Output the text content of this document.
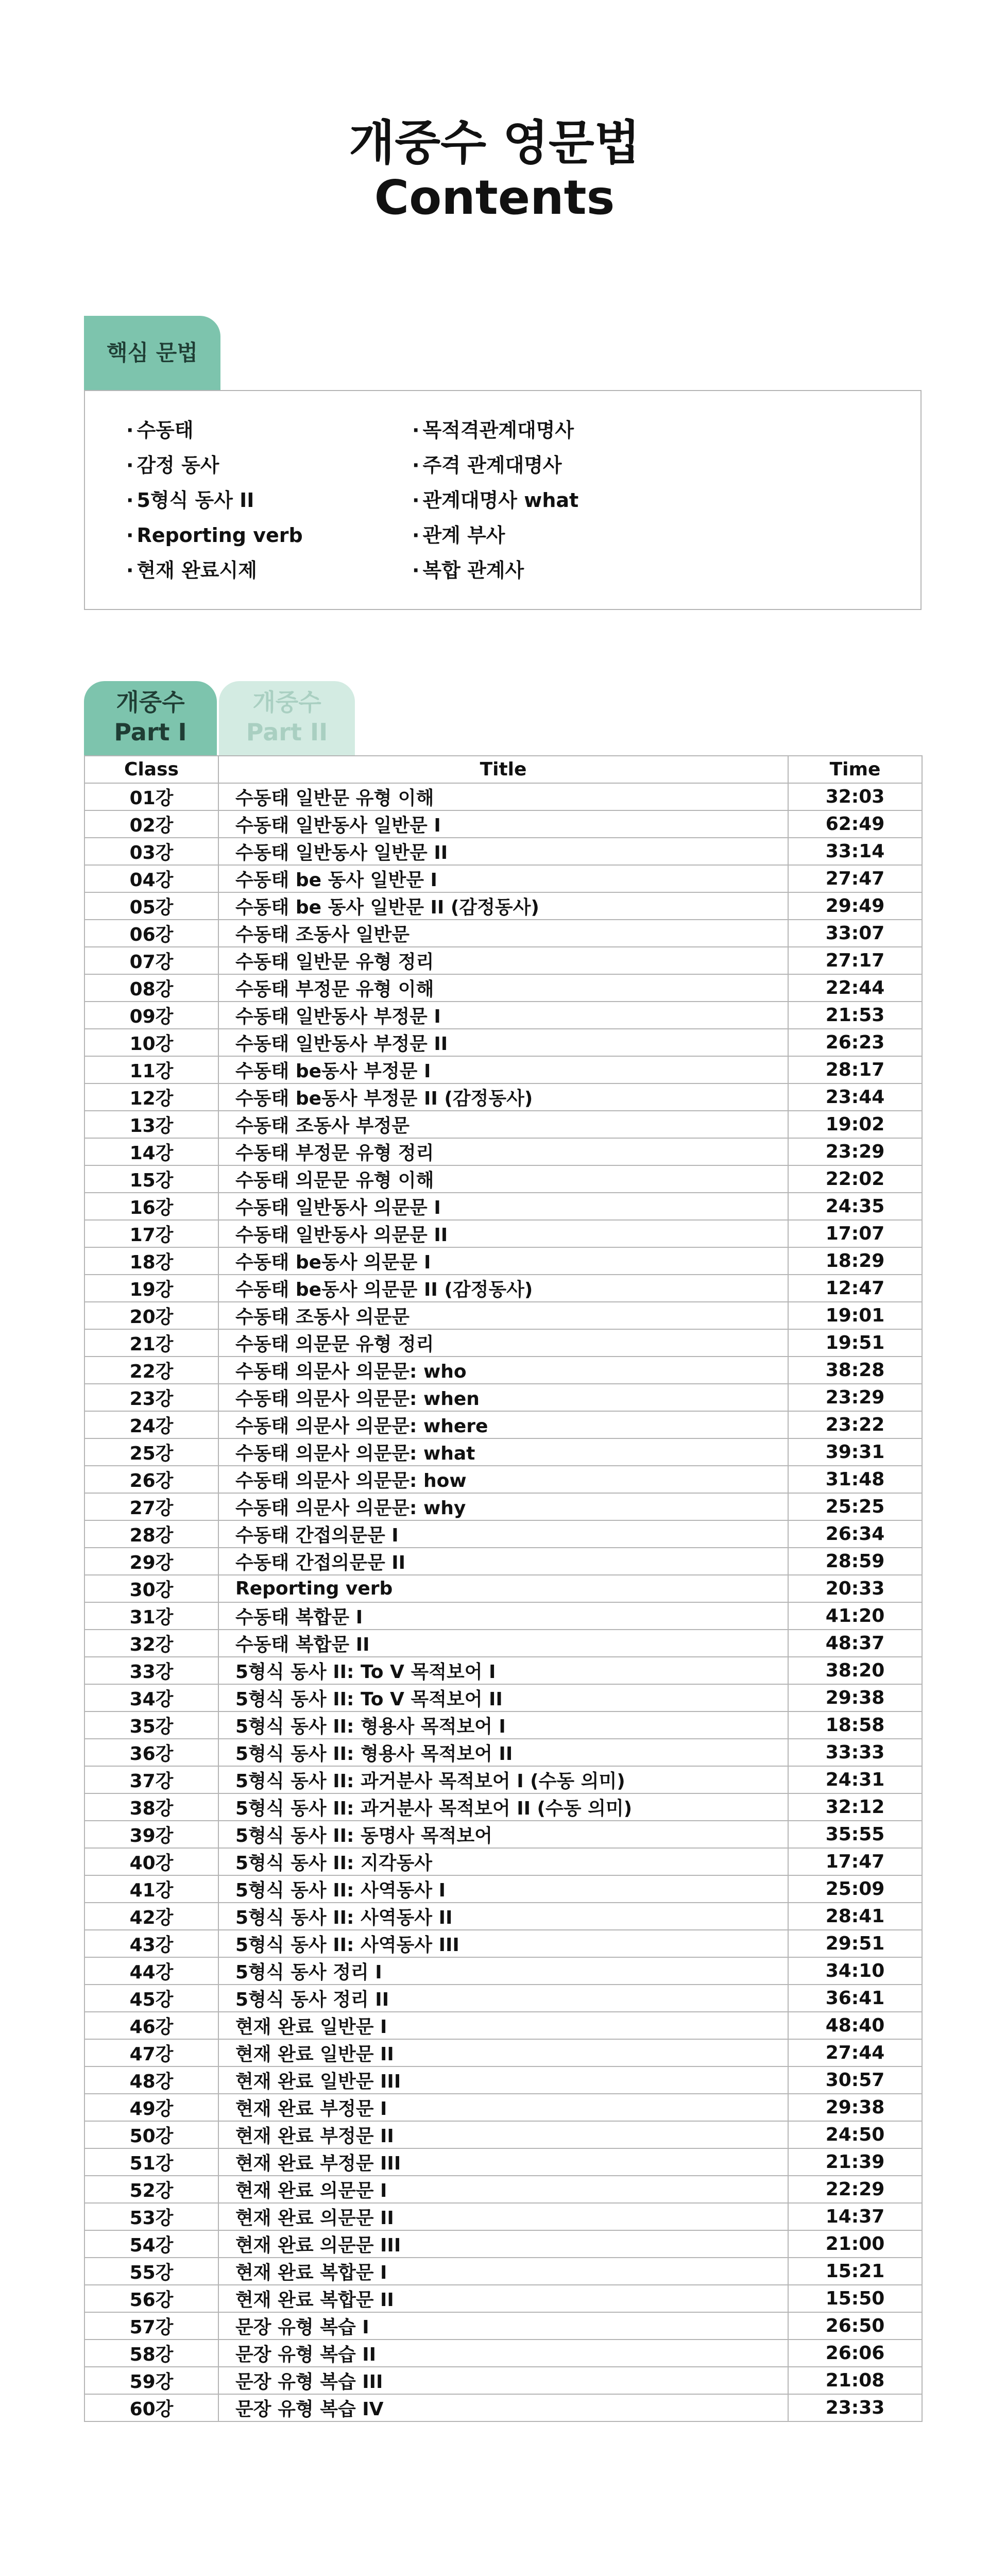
개중수 영문법
Contents
핵심 문법
· 수동태
· 감정 동사
· 5형식 동사 II
· Reporting verb
· 현재 완료시제
· 목적격관계대명사
· 주격 관계대명사
· 관계대명사 what
· 관계 부사
· 복합 관계사
개중수
Part I
개중수
Part II
Class	Title	Time
01강	수동태 일반문 유형 이해	32:03
02강	수동태 일반동사 일반문 I	62:49
03강	수동태 일반동사 일반문 II	33:14
04강	수동태 be 동사 일반문 I	27:47
05강	수동태 be 동사 일반문 II (감정동사)	29:49
06강	수동태 조동사 일반문	33:07
07강	수동태 일반문 유형 정리	27:17
08강	수동태 부정문 유형 이해	22:44
09강	수동태 일반동사 부정문 I	21:53
10강	수동태 일반동사 부정문 II	26:23
11강	수동태 be동사 부정문 I	28:17
12강	수동태 be동사 부정문 II (감정동사)	23:44
13강	수동태 조동사 부정문	19:02
14강	수동태 부정문 유형 정리	23:29
15강	수동태 의문문 유형 이해	22:02
16강	수동태 일반동사 의문문 I	24:35
17강	수동태 일반동사 의문문 II	17:07
18강	수동태 be동사 의문문 I	18:29
19강	수동태 be동사 의문문 II (감정동사)	12:47
20강	수동태 조동사 의문문	19:01
21강	수동태 의문문 유형 정리	19:51
22강	수동태 의문사 의문문: who	38:28
23강	수동태 의문사 의문문: when	23:29
24강	수동태 의문사 의문문: where	23:22
25강	수동태 의문사 의문문: what	39:31
26강	수동태 의문사 의문문: how	31:48
27강	수동태 의문사 의문문: why	25:25
28강	수동태 간접의문문 I	26:34
29강	수동태 간접의문문 II	28:59
30강	Reporting verb	20:33
31강	수동태 복합문 I	41:20
32강	수동태 복합문 II	48:37
33강	5형식 동사 II: To V 목적보어 I	38:20
34강	5형식 동사 II: To V 목적보어 II	29:38
35강	5형식 동사 II: 형용사 목적보어 I	18:58
36강	5형식 동사 II: 형용사 목적보어 II	33:33
37강	5형식 동사 II: 과거분사 목적보어 I (수동 의미)	24:31
38강	5형식 동사 II: 과거분사 목적보어 II (수동 의미)	32:12
39강	5형식 동사 II: 동명사 목적보어	35:55
40강	5형식 동사 II: 지각동사	17:47
41강	5형식 동사 II: 사역동사 I	25:09
42강	5형식 동사 II: 사역동사 II	28:41
43강	5형식 동사 II: 사역동사 III	29:51
44강	5형식 동사 정리 I	34:10
45강	5형식 동사 정리 II	36:41
46강	현재 완료 일반문 I	48:40
47강	현재 완료 일반문 II	27:44
48강	현재 완료 일반문 III	30:57
49강	현재 완료 부정문 I	29:38
50강	현재 완료 부정문 II	24:50
51강	현재 완료 부정문 III	21:39
52강	현재 완료 의문문 I	22:29
53강	현재 완료 의문문 II	14:37
54강	현재 완료 의문문 III	21:00
55강	현재 완료 복합문 I	15:21
56강	현재 완료 복합문 II	15:50
57강	문장 유형 복습 I	26:50
58강	문장 유형 복습 II	26:06
59강	문장 유형 복습 III	21:08
60강	문장 유형 복습 IV	23:33
